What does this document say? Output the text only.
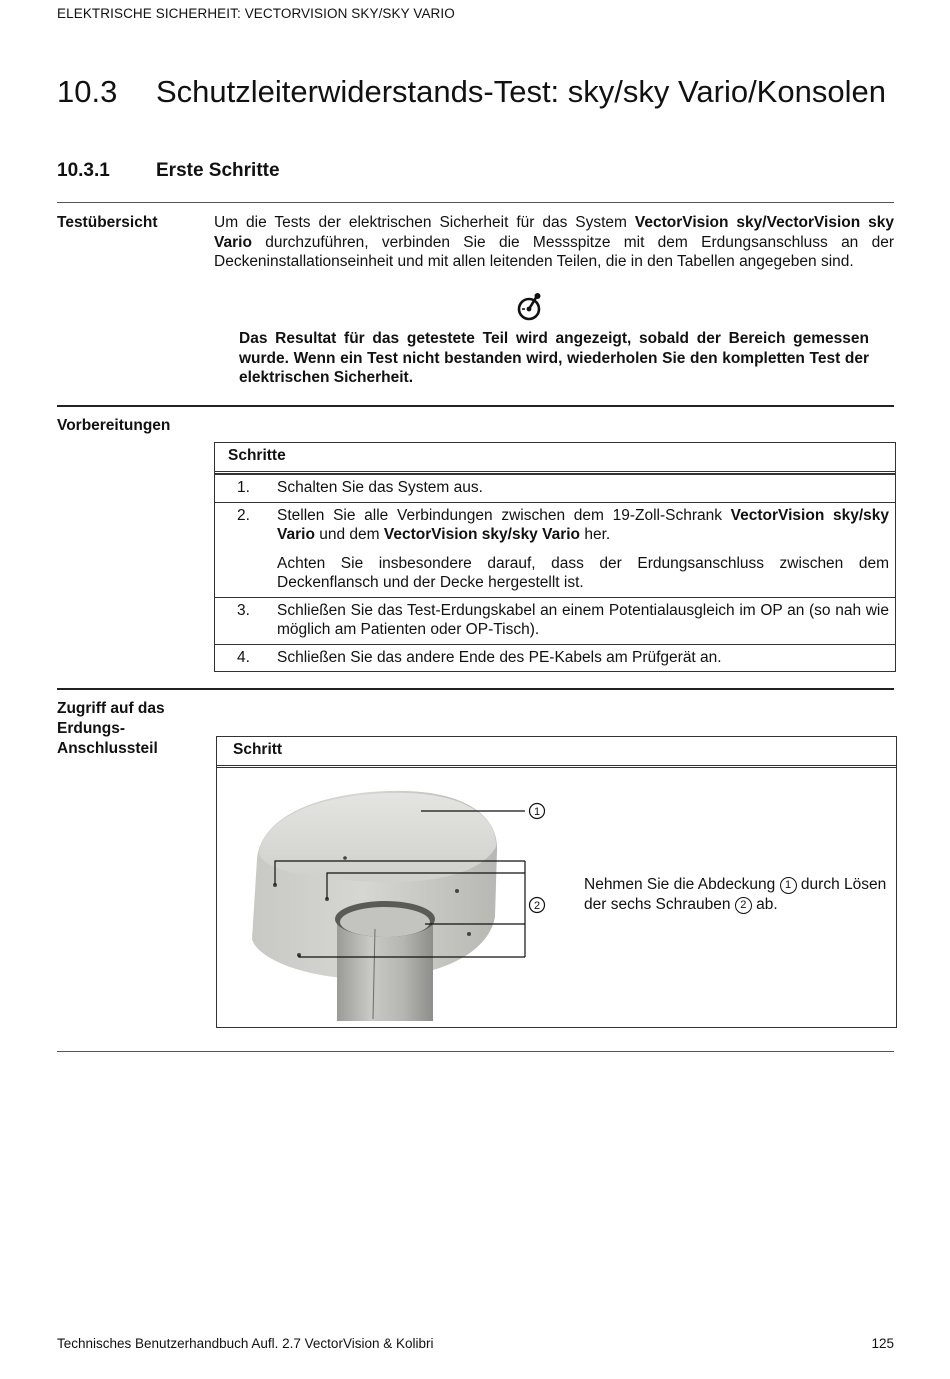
ELEKTRISCHE SICHERHEIT: VECTORVISION SKY/SKY VARIO
10.3 Schutzleiterwiderstands-Test: sky/sky Vario/Konsolen
10.3.1 Erste Schritte
Testübersicht	Um die Tests der elektrischen Sicherheit für das System VectorVision sky/VectorVision sky Vario durchzuführen, verbinden Sie die Messspitze mit dem Erdungsanschluss an der Deckeninstallationseinheit und mit allen leitenden Teilen, die in den Tabellen angegeben sind.
Das Resultat für das getestete Teil wird angezeigt, sobald der Bereich gemessen wurde. Wenn ein Test nicht bestanden wird, wiederholen Sie den kompletten Test der elektrischen Sicherheit.
Vorbereitungen
Schritte
1.	Schalten Sie das System aus.
2.	Stellen Sie alle Verbindungen zwischen dem 19-Zoll-Schrank VectorVision sky/sky Vario und dem VectorVision sky/sky Vario her.

Achten Sie insbesondere darauf, dass der Erdungsanschluss zwischen dem Deckenflansch und der Decke hergestellt ist.

3.	Schließen Sie das Test-Erdungskabel an einem Potentialausgleich im OP an (so nah wie möglich am Patienten oder OP-Tisch).
4.	Schließen Sie das andere Ende des PE-Kabels am Prüfgerät an.
Zugriff auf das
Erdungs-
Anschlussteil	Schritt
1
2
Nehmen Sie die Abdeckung 1 durch Lösen der sechs Schrauben 2 ab.
Technisches Benutzerhandbuch Aufl. 2.7 VectorVision & Kolibri	125
